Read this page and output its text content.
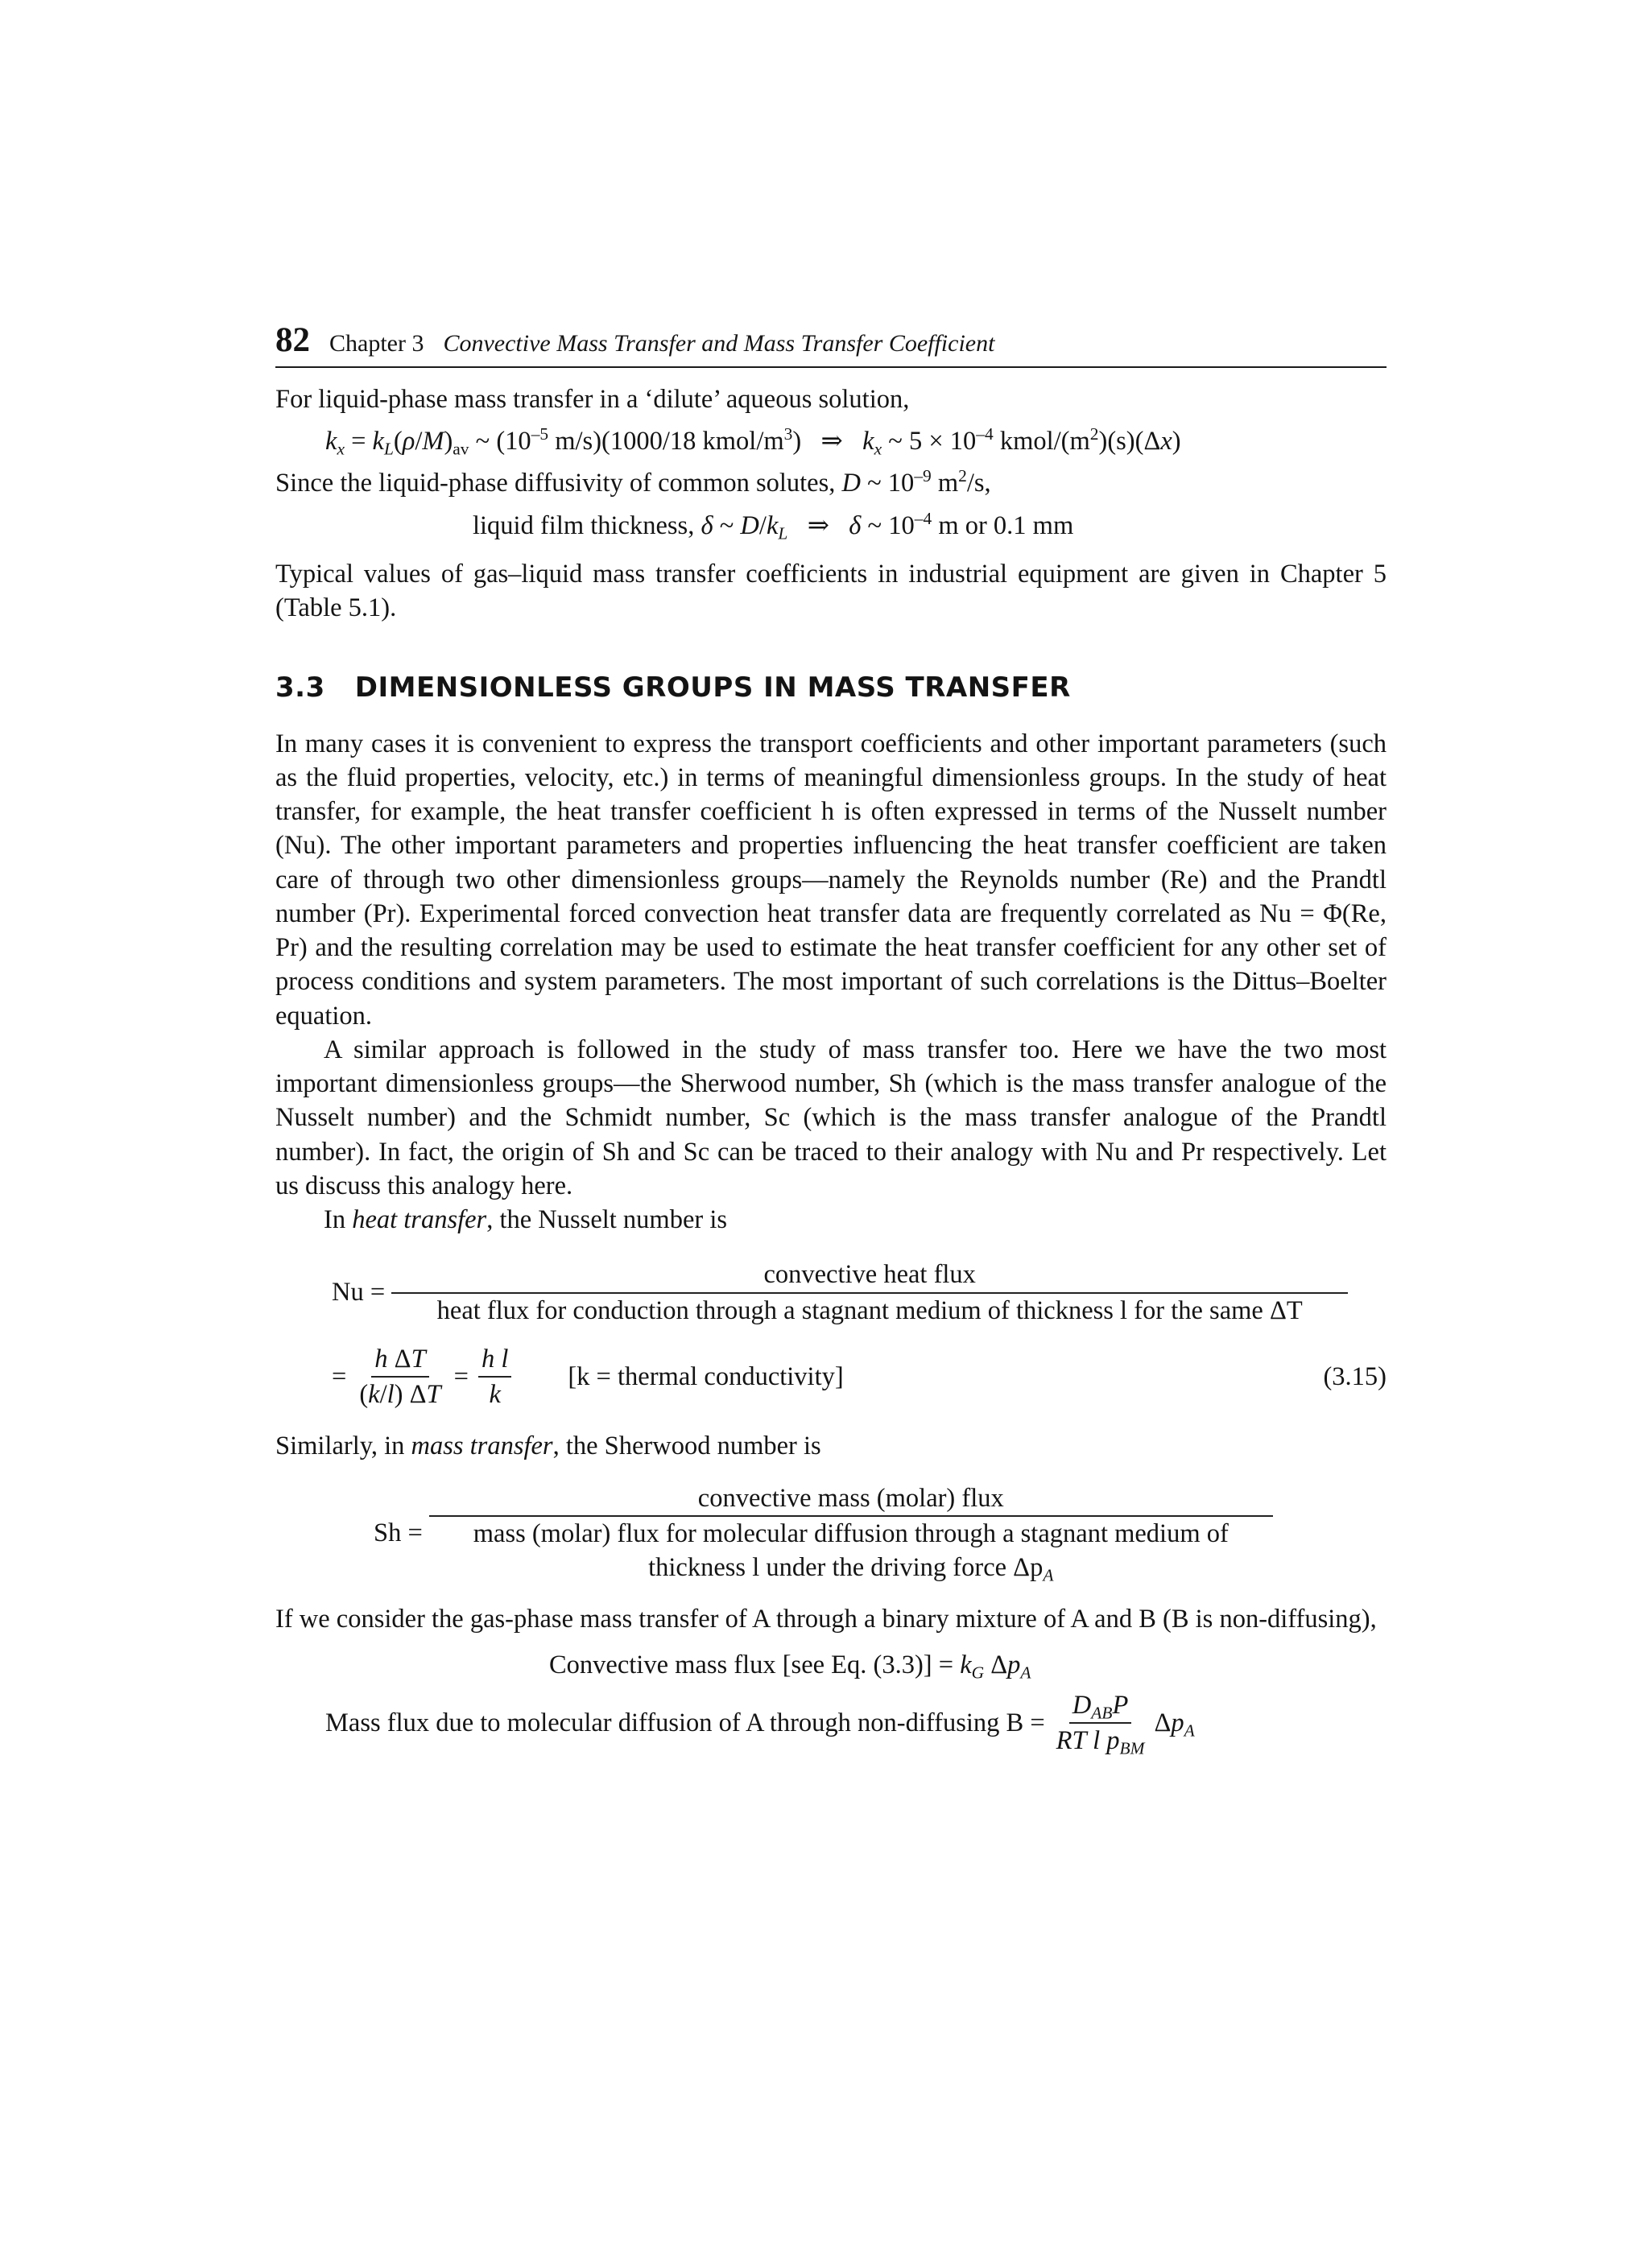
82 Chapter 3 Convective Mass Transfer and Mass Transfer Coefficient

For liquid-phase mass transfer in a ‘dilute’ aqueous solution,

$k_x = k_L(\rho/M)_{av}$ ~ ($10^{-5}$ m/s)(1000/18 kmol/$m^3$)   ⇒   $k_x$ ~ $5 \times 10^{-4}$ kmol/$(m^2)(s)(\Delta x)$

Since the liquid-phase diffusivity of common solutes, D ~ $10^{-9}$ $m^2/s$,

liquid film thickness, δ ~ $D/k_L$   ⇒   δ ~ $10^{-4}$ m or 0.1 mm

Typical values of gas–liquid mass transfer coefficients in industrial equipment are given in Chapter 5 (Table 5.1).

3.3 DIMENSIONLESS GROUPS IN MASS TRANSFER

In many cases it is convenient to express the transport coefficients and other important parameters (such as the fluid properties, velocity, etc.) in terms of meaningful dimensionless groups. In the study of heat transfer, for example, the heat transfer coefficient h is often expressed in terms of the Nusselt number (Nu). The other important parameters and properties influencing the heat transfer coefficient are taken care of through two other dimensionless groups—namely the Reynolds number (Re) and the Prandtl number (Pr). Experimental forced convection heat transfer data are frequently correlated as Nu = Φ(Re, Pr) and the resulting correlation may be used to estimate the heat transfer coefficient for any other set of process conditions and system parameters. The most important of such correlations is the Dittus–Boelter equation.

A similar approach is followed in the study of mass transfer too. Here we have the two most important dimensionless groups—the Sherwood number, Sh (which is the mass transfer analogue of the Nusselt number) and the Schmidt number, Sc (which is the mass transfer analogue of the Prandtl number). In fact, the origin of Sh and Sc can be traced to their analogy with Nu and Pr respectively. Let us discuss this analogy here.

In heat transfer, the Nusselt number is

Nu =
convective heat flux
heat flux for conduction through a stagnant medium of thickness l for the same ΔT
= $\frac{\text{h ΔT}}{(k/l) \Delta T} = \frac{\text{h l}}{k} [k$ = thermal conductivity]	(3.15)

Similarly, in mass transfer, the Sherwood number is

Sh =
convective mass (molar) flux
mass (molar) flux for molecular diffusion through a stagnant medium of
thickness l under the driving force $\Delta p_A$

If we consider the gas-phase mass transfer of A through a binary mixture of A and B (B is non-diffusing),

Convective mass flux [see Eq. $(3.3)] = k_G$ $\Delta p_A$

Mass flux due to molecular diffusion of A through non-diffusing $B = \frac{D_{AB}P}{RT l p_{BM}} \Delta p_A$
